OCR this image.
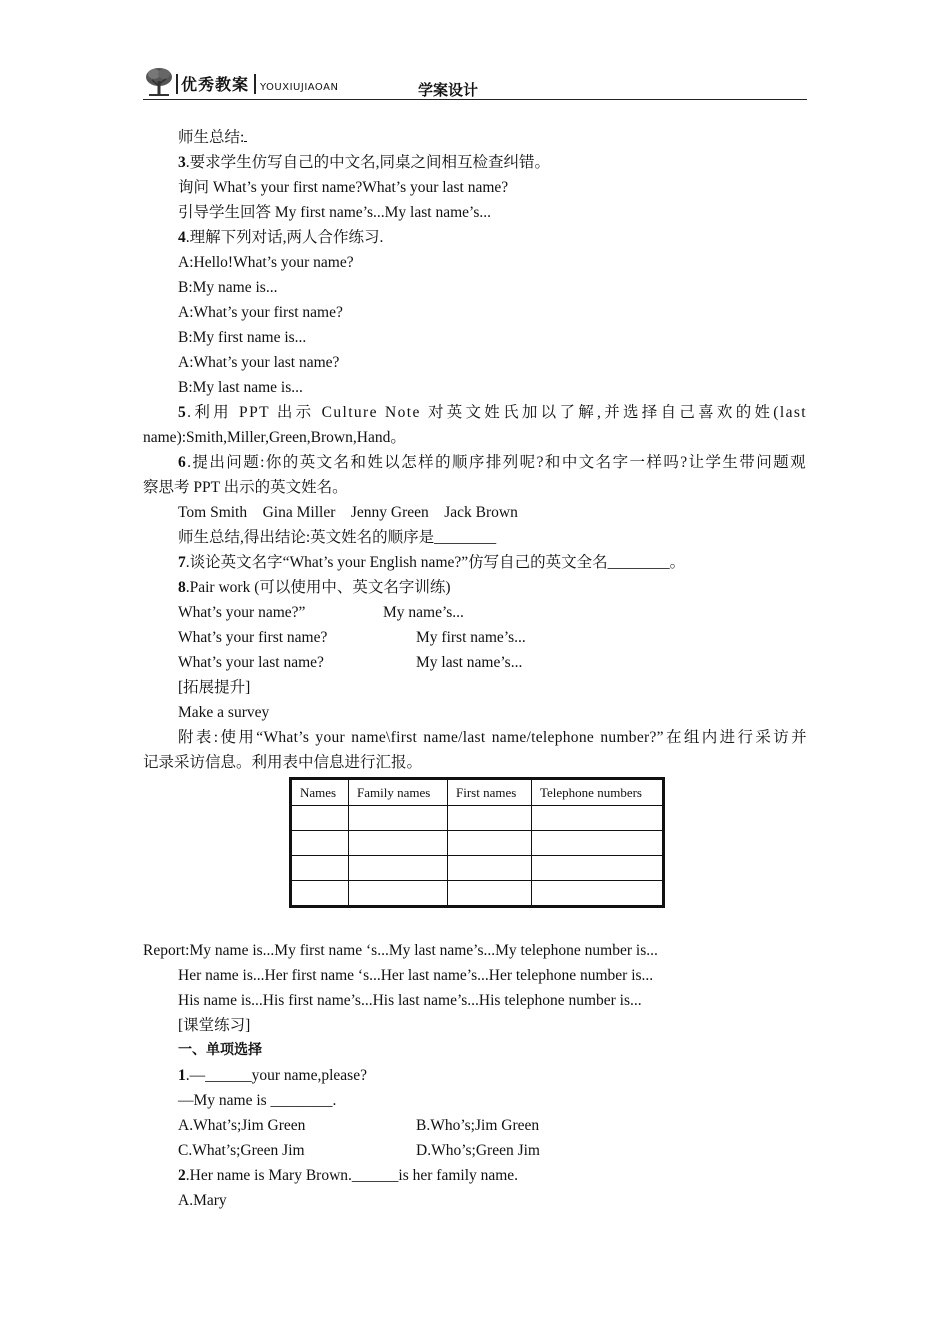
优秀教案 YOUXIUJIAOAN	学案设计
师生总结:
3.要求学生仿写自己的中文名,同桌之间相互检查纠错。
询问 What’s your first name?What’s your last name?
引导学生回答 My first name’s...My last name’s...
4.理解下列对话,两人合作练习.
A:Hello!What’s your name?
B:My name is...
A:What’s your first name?
B:My first name is...
A:What’s your last name?
B:My last name is...
5.利用 PPT 出示 Culture Note 对英文姓氏加以了解,并选择自己喜欢的姓(last
name):Smith,Miller,Green,Brown,Hand。
6.提出问题:你的英文名和姓以怎样的顺序排列呢?和中文名字一样吗?让学生带问题观
察思考 PPT 出示的英文姓名。
Tom Smith    Gina Miller    Jenny Green    Jack Brown
师生总结,得出结论:英文姓名的顺序是________
7.谈论英文名字“What’s your English name?”仿写自己的英文全名________。
8.Pair work (可以使用中、英文名字训练)
What’s your name?”	My name’s...
What’s your first name?	My first name’s...
What’s your last name?	My last name’s...
[拓展提升]
Make a survey
附表:使用“What’s your name\first name/last name/telephone number?”在组内进行采访并
记录采访信息。利用表中信息进行汇报。
Names	Family names	First names	Telephone numbers

Report:My name is...My first name ‘s...My last name’s...My telephone number is...
Her name is...Her first name ‘s...Her last name’s...Her telephone number is...
His name is...His first name’s...His last name’s...His telephone number is...
[课堂练习]
一、单项选择
1.—______your name,please?
—My name is ________.
A.What’s;Jim Green	B.Who’s;Jim Green
C.What’s;Green Jim	D.Who’s;Green Jim
2.Her name is Mary Brown.______is her family name.
A.Mary
